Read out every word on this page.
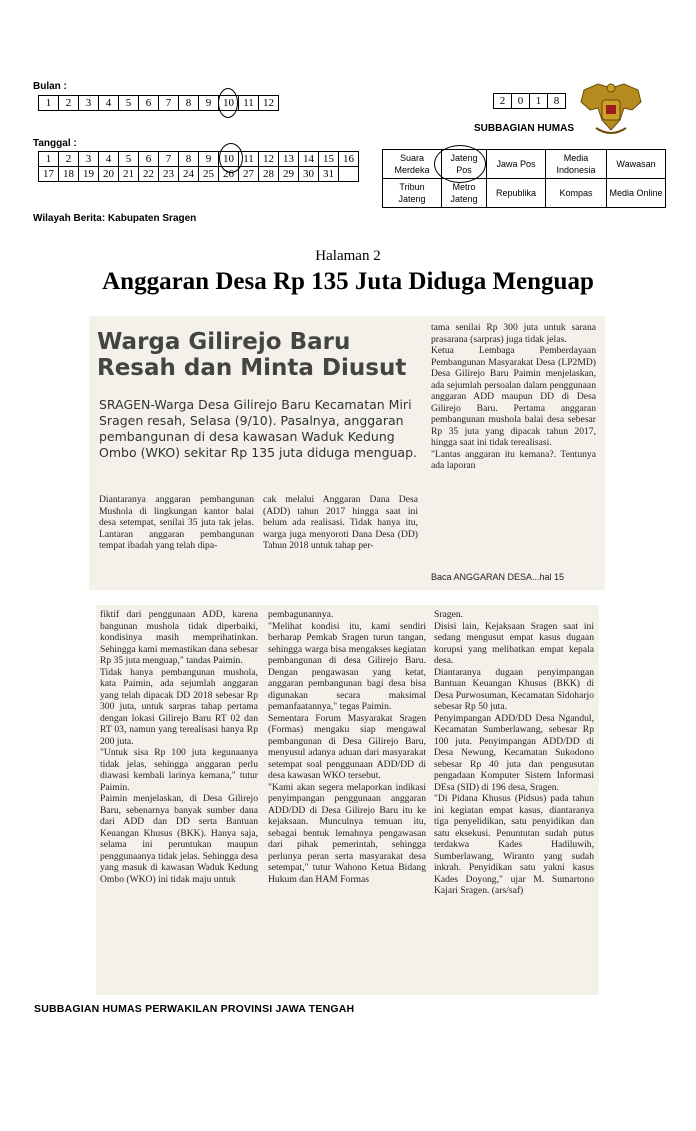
Bulan :
1	2	3	4	5	6	7	8	9	10	11	12	2	0	1	8
SUBBAGIAN HUMAS
Tanggal :
1	2	3	4	5	6	7	8	9	10	11	12	13	14	15	16
17	18	19	20	21	22	23	24	25	26	27	28	29	30	31	
Suara Merdeka	Jateng Pos	Jawa Pos	Media Indonesia	Wawasan
Tribun Jateng	Metro Jateng	Republika	Kompas	Media Online
Wilayah Berita: Kabupaten Sragen
Halaman 2
Anggaran Desa Rp 135 Juta Diduga Menguap
Warga Gilirejo Baru
Resah dan Minta Diusut
SRAGEN-Warga Desa Gilirejo Baru Kecamatan Miri Sragen resah, Selasa (9/10). Pasalnya, anggaran pembangunan di desa kawasan Waduk Kedung Ombo (WKO) sekitar Rp 135 juta diduga menguap.
Diantaranya anggaran pembangunan Mushola di lingkungan kantor balai desa setempat, senilai 35 juta tak jelas. Lantaran anggaran pembangunan tempat ibadah yang telah dipa-
cak melalui Anggaran Dana Desa (ADD) tahun 2017 hingga saat ini belum ada realisasi. Tidak hanya itu, warga juga menyoroti Dana Desa (DD) Tahun 2018 untuk tahap per-
tama senilai Rp 300 juta untuk sarana prasarana (sarpras) juga tidak jelas.
Ketua Lembaga Pemberdayaan Pembangunan Masyarakat Desa (LP2MD) Desa Gilirejo Baru Paimin menjelaskan, ada sejumlah persoalan dalam penggunaan anggaran ADD maupun DD di Desa Gilirejo Baru. Pertama anggaran pembangunan mushola balai desa sebesar Rp 35 juta yang dipacak tahun 2017, hingga saat ini tidak terealisasi.
"Lantas anggaran itu kemana?. Tentunya ada laporan
Baca ANGGARAN DESA...hal 15
fiktif dari penggunaan ADD, karena bangunan mushola tidak diperbaiki, kondisinya masih memprihatinkan. Sehingga kami memastikan dana sebesar Rp 35 juta menguap," tandas Paimin.
Tidak hanya pembangunan mushola, kata Paimin, ada sejumlah anggaran yang telah dipacak DD 2018 sebesar Rp 300 juta, untuk sarpras tahap pertama dengan lokasi Gilirejo Baru RT 02 dan RT 03, namun yang terealisasi hanya Rp 200 juta.
"Untuk sisa Rp 100 juta kegunaanya tidak jelas, sehingga anggaran perlu diawasi kembali larinya kemana," tutur Paimin.
Paimin menjelaskan, di Desa Gilirejo Baru, sebenarnya banyak sumber dana dari ADD dan DD serta Bantuan Keuangan Khusus (BKK). Hanya saja, selama ini peruntukan maupun penggunaanya tidak jelas. Sehingga desa yang masuk di kawasan Waduk Kedung Ombo (WKO) ini tidak maju untuk
pembagunannya.
"Melihat kondisi itu, kami sendiri berharap Pemkab Sragen turun tangan, sehingga warga bisa mengakses kegiatan pembangunan di desa Gilirejo Baru. Dengan pengawasan yang ketat, anggaran pembangunan bagi desa bisa digunakan secara maksimal pemanfaatannya," tegas Paimin.
Sementara Forum Masyarakat Sragen (Formas) mengaku siap mengawal pembangunan di Desa Gilirejo Baru, menyusul adanya aduan dari masyarakat setempat soal penggunaan ADD/DD di desa kawasan WKO tersebut.
"Kami akan segera melaporkan indikasi penyimpangan penggunaan anggaran ADD/DD di Desa Gilirejo Baru itu ke kejaksaan. Munculnya temuan itu, sebagai bentuk lemahnya pengawasan dari pihak pemerintah, sehingga perlunya peran serta masyarakat desa setempat," tutur Wahono Ketua Bidang Hukum dan HAM Formas
Sragen.
Disisi lain, Kejaksaan Sragen saat ini sedang mengusut empat kasus dugaan korupsi yang melibatkan empat kepala desa.
Diantaranya dugaan penyimpangan Bantuan Keuangan Khusus (BKK) di Desa Purwosuman, Kecamatan Sidoharjo sebesar Rp 50 juta.
Penyimpangan ADD/DD Desa Ngandul, Kecamatan Sumberlawang, sebesar Rp 100 juta. Penyimpangan ADD/DD di Desa Newung, Kecamatan Sukodono sebesar Rp 40 juta dan pengusutan pengadaan Komputer Sistem Informasi DEsa (SID) di 196 desa, Sragen.
"Di Pidana Khusus (Pidsus) pada tahun ini kegiatan empat kasus, diantaranya tiga penyelidikan, satu penyidikan dan satu eksekusi. Penuntutan sudah putus terdakwa Kades Hadiluwih, Sumberlawang, Wiranto yang sudah inkrah. Penyidikan satu yakni kasus Kades Doyong," ujar M. Sumartono Kajari Sragen. (ars/saf)
SUBBAGIAN HUMAS PERWAKILAN PROVINSI JAWA TENGAH
